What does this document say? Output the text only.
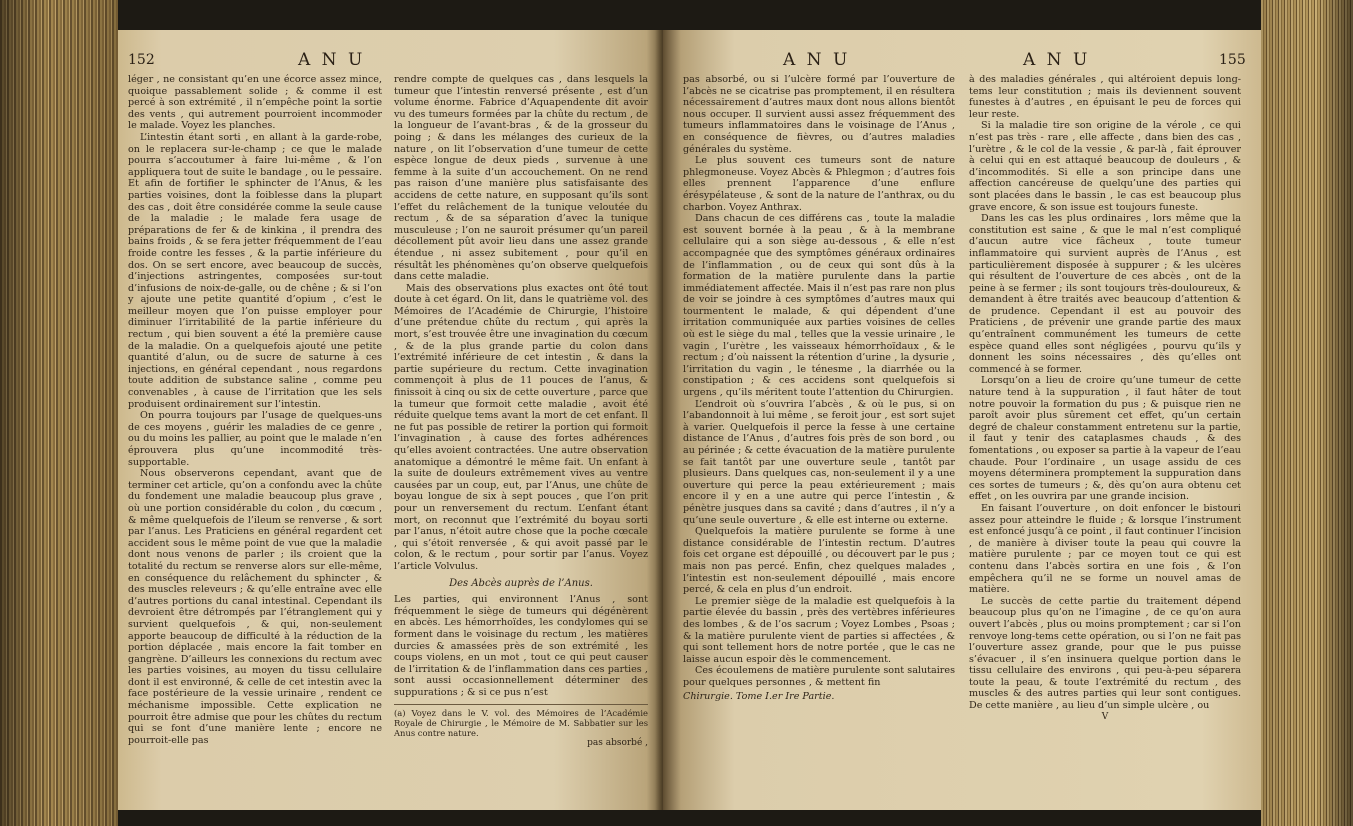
152	A N U

léger , ne consistant qu’en une écorce assez mince, quoique passablement solide ; & comme il est percé à son extrémité , il n’empêche point la sortie des vents , qui autrement pourroient incommoder le malade. Voyez les planches.

L’intestin étant sorti , en allant à la garde-robe, on le replacera sur-le-champ ; ce que le malade pourra s’accoutumer à faire lui-même , & l’on appliquera tout de suite le bandage , ou le pessaire. Et afin de fortifier le sphincter de l’Anus, & les parties voisines, dont la foiblesse dans la plupart des cas , doit être considérée comme la seule cause de la maladie ; le malade fera usage de préparations de fer & de kinkina , il prendra des bains froids , & se fera jetter fréquemment de l’eau froide contre les fesses , & la partie inférieure du dos. On se sert encore, avec beaucoup de succès, d’injections astringentes, composées sur-tout d’infusions de noix-de-galle, ou de chêne ; & si l’on y ajoute une petite quantité d’opium , c’est le meilleur moyen que l’on puisse employer pour diminuer l’irritabilité de la partie inférieure du rectum , qui bien souvent a été la première cause de la maladie. On a quelquefois ajouté une petite quantité d’alun, ou de sucre de saturne à ces injections, en général cependant , nous regardons toute addition de substance saline , comme peu convenables , à cause de l’irritation que les sels produisent ordinairement sur l’intestin.

On pourra toujours par l’usage de quelques-uns de ces moyens , guérir les maladies de ce genre , ou du moins les pallier, au point que le malade n’en éprouvera plus qu’une incommodité très-supportable.

Nous observerons cependant, avant que de terminer cet article, qu’on a confondu avec la chûte du fondement une maladie beaucoup plus grave , où une portion considérable du colon , du cœcum , & même quelquefois de l’ileum se renverse , & sort par l’anus. Les Praticiens en général regardent cet accident sous le même point de vue que la maladie dont nous venons de parler ; ils croient que la totalité du rectum se renverse alors sur elle-même, en conséquence du relâchement du sphincter , & des muscles releveurs ; & qu’elle entraîne avec elle d’autres portions du canal intestinal. Cependant ils devroient être détrompés par l’étranglement qui y survient quelquefois , & qui, non-seulement apporte beaucoup de difficulté à la réduction de la portion déplacée , mais encore la fait tomber en gangrène. D’ailleurs les connexions du rectum avec les parties voisines, au moyen du tissu cellulaire dont il est environné, & celle de cet intestin avec la face postérieure de la vessie urinaire , rendent ce méchanisme impossible. Cette explication ne pourroit être admise que pour les chûtes du rectum qui se font d’une manière lente ; encore ne pourroit-elle pas

rendre compte de quelques cas , dans lesquels la tumeur que l’intestin renversé présente , est d’un volume énorme. Fabrice d’Aquapendente dit avoir vu des tumeurs formées par la chûte du rectum , de la longueur de l’avant-bras , & de la grosseur du poing ; & dans les mélanges des curieux de la nature , on lit l’observation d’une tumeur de cette espèce longue de deux pieds , survenue à une femme à la suite d’un accouchement. On ne rend pas raison d’une manière plus satisfaisante des accidens de cette nature, en supposant qu’ils sont l’effet du relâchement de la tunique veloutée du rectum , & de sa séparation d’avec la tunique musculeuse ; l’on ne sauroit présumer qu’un pareil décollement pût avoir lieu dans une assez grande étendue , ni assez subitement , pour qu’il en résultât les phénomènes qu’on observe quelquefois dans cette maladie.

Mais des observations plus exactes ont ôté tout doute à cet égard. On lit, dans le quatrième vol. des Mémoires de l’Académie de Chirurgie, l’histoire d’une prétendue chûte du rectum , qui après la mort, s’est trouvée être une invagination du cœcum , & de la plus grande partie du colon dans l’extrémité inférieure de cet intestin , & dans la partie supérieure du rectum. Cette invagination commençoit à plus de 11 pouces de l’anus, & finissoit à cinq ou six de cette ouverture , parce que la tumeur que formoit cette maladie , avoit été réduite quelque tems avant la mort de cet enfant. Il ne fut pas possible de retirer la portion qui formoit l’invagination , à cause des fortes adhérences qu’elles avoient contractées. Une autre observation anatomique a démontré le même fait. Un enfant à la suite de douleurs extrêmement vives au ventre causées par un coup, eut, par l’Anus, une chûte de boyau longue de six à sept pouces , que l’on prit pour un renversement du rectum. L’enfant étant mort, on reconnut que l’extrémité du boyau sorti par l’anus, n’étoit autre chose que la poche cœcale , qui s’étoit renversée , & qui avoit passé par le colon, & le rectum , pour sortir par l’anus. Voyez l’article Volvulus.

Des Abcès auprès de l’Anus.

Les parties, qui environnent l’Anus , sont fréquemment le siège de tumeurs qui dégénèrent en abcès. Les hémorrhoïdes, les condylomes qui se forment dans le voisinage du rectum , les matières durcies & amassées près de son extrémité , les coups violens, en un mot , tout ce qui peut causer de l’irritation & de l’inflammation dans ces parties , sont aussi occasionnellement déterminer des suppurations ; & si ce pus n’est

(a) Voyez dans le V. vol. des Mémoires de l’Académie Royale de Chirurgie , le Mémoire de M. Sabbatier sur les Anus contre nature.
pas absorbé ,
A N U	A N U	155

pas absorbé, ou si l’ulcère formé par l’ouverture de l’abcès ne se cicatrise pas promptement, il en résultera nécessairement d’autres maux dont nous allons bientôt nous occuper. Il survient aussi assez fréquemment des tumeurs inflammatoires dans le voisinage de l’Anus , en conséquence de fièvres, ou d’autres maladies générales du système.

Le plus souvent ces tumeurs sont de nature phlegmoneuse. Voyez Abcès & Phlegmon ; d’autres fois elles prennent l’apparence d’une enflure érésypélateuse , & sont de la nature de l’anthrax, ou du charbon. Voyez Anthrax.

Dans chacun de ces différens cas , toute la maladie est souvent bornée à la peau , & à la membrane cellulaire qui a son siège au-dessous , & elle n’est accompagnée que des symptômes généraux ordinaires de l’inflammation , ou de ceux qui sont dûs à la formation de la matière purulente dans la partie immédiatement affectée. Mais il n’est pas rare non plus de voir se joindre à ces symptômes d’autres maux qui tourmentent le malade, & qui dépendent d’une irritation communiquée aux parties voisines de celles où est le siège du mal , telles que la vessie urinaire , le vagin , l’urètre , les vaisseaux hémorrhoïdaux , & le rectum ; d’où naissent la rétention d’urine , la dysurie , l’irritation du vagin , le ténesme , la diarrhée ou la constipation ; & ces accidens sont quelquefois si urgens , qu’ils méritent toute l’attention du Chirurgien.

L’endroit où s’ouvrira l’abcès , & où le pus, si on l’abandonnoit à lui même , se feroit jour , est sort sujet à varier. Quelquefois il perce la fesse à une certaine distance de l’Anus , d’autres fois près de son bord , ou au périnée ; & cette évacuation de la matière purulente se fait tantôt par une ouverture seule , tantôt par plusieurs. Dans quelques cas, non-seulement il y a une ouverture qui perce la peau extérieurement ; mais encore il y en a une autre qui perce l’intestin , & pénètre jusques dans sa cavité ; dans d’autres , il n’y a qu’une seule ouverture , & elle est interne ou externe.

Quelquefois la matière purulente se forme à une distance considérable de l’intestin rectum. D’autres fois cet organe est dépouillé , ou découvert par le pus ; mais non pas percé. Enfin, chez quelques malades , l’intestin est non-seulement dépouillé , mais encore percé, & cela en plus d’un endroit.

Le premier siège de la maladie est quelquefois à la partie élevée du bassin , près des vertèbres inférieures des lombes , & de l’os sacrum ; Voyez Lombes , Psoas ; & la matière purulente vient de parties si affectées , & qui sont tellement hors de notre portée , que le cas ne laisse aucun espoir dès le commencement.

Ces écoulemens de matière purulente sont salutaires pour quelques personnes , & mettent fin

Chirurgie. Tome I.er Ire Partie.

à des maladies générales , qui altéroient depuis long-tems leur constitution ; mais ils deviennent souvent funestes à d’autres , en épuisant le peu de forces qui leur reste.

Si la maladie tire son origine de la vérole , ce qui n’est pas très - rare , elle affecte , dans bien des cas , l’urètre , & le col de la vessie , & par-là , fait éprouver à celui qui en est attaqué beaucoup de douleurs , & d’incommodités. Si elle a son principe dans une affection cancéreuse de quelqu’une des parties qui sont placées dans le bassin , le cas est beaucoup plus grave encore, & son issue est toujours funeste.

Dans les cas les plus ordinaires , lors même que la constitution est saine , & que le mal n’est compliqué d’aucun autre vice fâcheux , toute tumeur inflammatoire qui survient auprès de l’Anus , est particulièrement disposée à suppurer ; & les ulcères qui résultent de l’ouverture de ces abcès , ont de la peine à se fermer ; ils sont toujours très-douloureux, & demandent à être traités avec beaucoup d’attention & de prudence. Cependant il est au pouvoir des Praticiens , de prévenir une grande partie des maux qu’entraînent communément les tumeurs de cette espèce quand elles sont négligées , pourvu qu’ils y donnent les soins nécessaires , dès qu’elles ont commencé à se former.

Lorsqu’on a lieu de croire qu’une tumeur de cette nature tend à la suppuration , il faut hâter de tout notre pouvoir la formation du pus ; & puisque rien ne paroît avoir plus sûrement cet effet, qu’un certain degré de chaleur constamment entretenu sur la partie, il faut y tenir des cataplasmes chauds , & des fomentations , ou exposer sa partie à la vapeur de l’eau chaude. Pour l’ordinaire , un usage assidu de ces moyens déterminera promptement la suppuration dans ces sortes de tumeurs ; &, dès qu’on aura obtenu cet effet , on les ouvrira par une grande incision.

En faisant l’ouverture , on doit enfoncer le bistouri assez pour atteindre le fluide ; & lorsque l’instrument est enfoncé jusqu’à ce point , il faut continuer l’incision , de manière à diviser toute la peau qui couvre la matière purulente ; par ce moyen tout ce qui est contenu dans l’abcès sortira en une fois , & l’on empêchera qu’il ne se forme un nouvel amas de matière.

Le succès de cette partie du traitement dépend beaucoup plus qu’on ne l’imagine , de ce qu’on aura ouvert l’abcès , plus ou moins promptement ; car si l’on renvoye long-tems cette opération, ou si l’on ne fait pas l’ouverture assez grande, pour que le pus puisse s’évacuer , il s’en insinuera quelque portion dans le tissu cellulaire des environs , qui peu-à-peu séparera toute la peau, & toute l’extrémité du rectum , des muscles & des autres parties qui leur sont contigues. De cette manière , au lieu d’un simple ulcère , ou

V
